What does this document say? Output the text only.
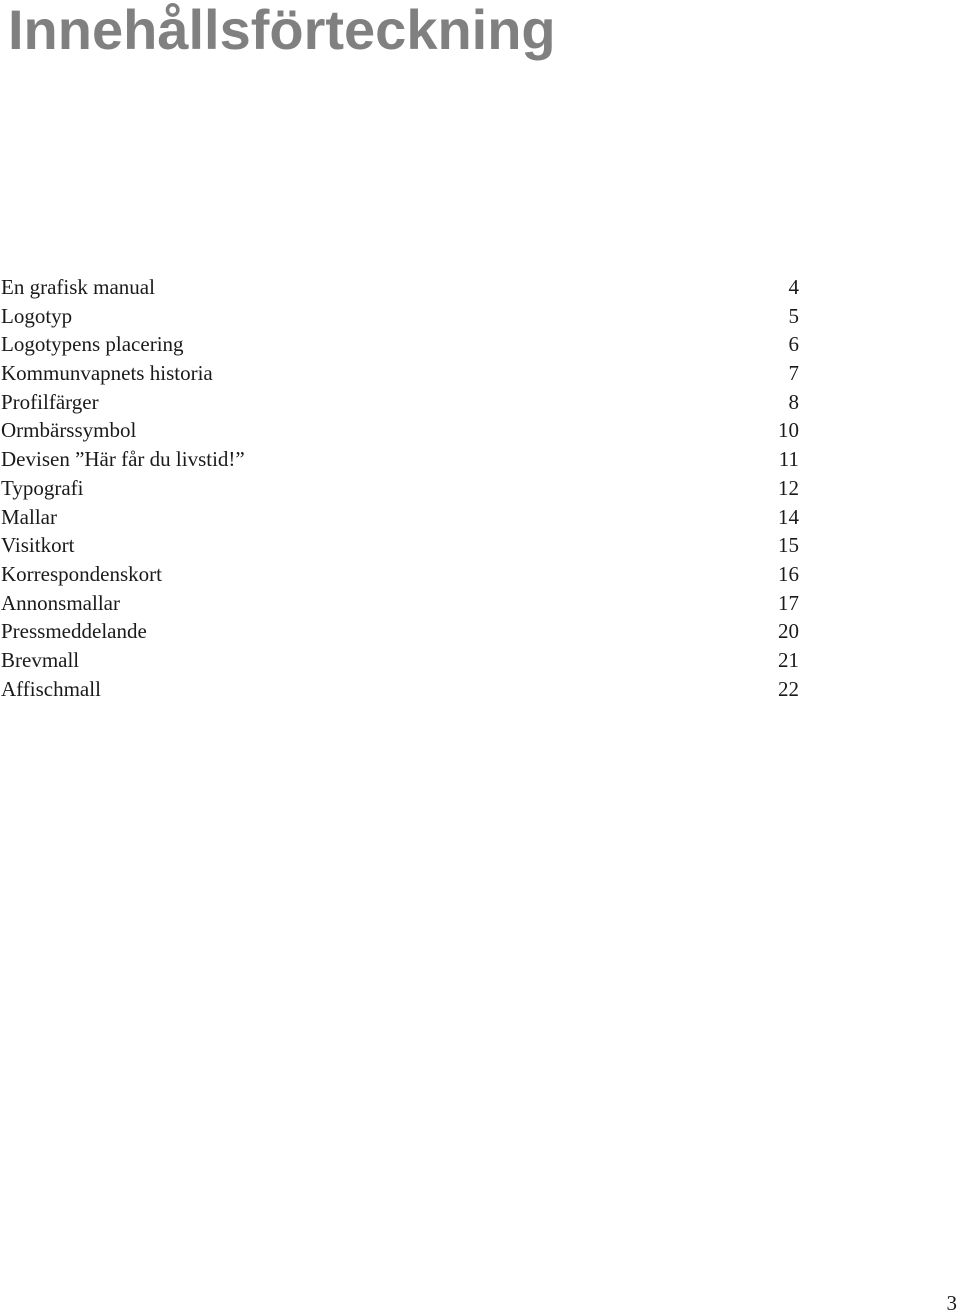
Innehållsförteckning
En grafisk manual	4
Logotyp	5
Logotypens placering	6
Kommunvapnets historia	7
Profilfärger	8
Ormbärssymbol	10
Devisen ”Här får du livstid!”	11
Typografi	12
Mallar	14
Visitkort	15
Korrespondenskort	16
Annonsmallar	17
Pressmeddelande	20
Brevmall	21
Affischmall	22
3
